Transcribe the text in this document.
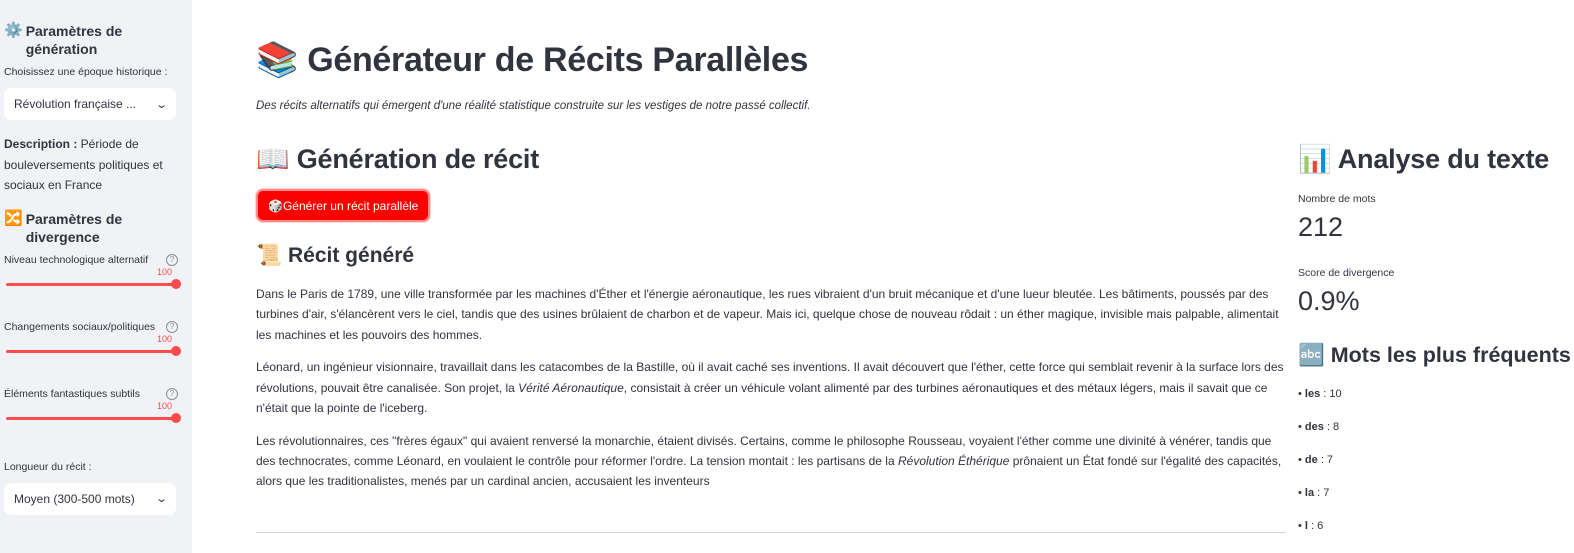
⚙️ Paramètres de génération
Choisissez une époque historique :
Révolution française ... ⌄
Description : Période de bouleversements politiques et sociaux en France
🔀 Paramètres de divergence
Niveau technologique alternatif	?
100
Changements sociaux/politiques	?
100
Éléments fantastiques subtils	?
100
Longueur du récit :
Moyen (300-500 mots) ⌄
📚 Générateur de Récits Parallèles
Des récits alternatifs qui émergent d'une réalité statistique construite sur les vestiges de notre passé collectif.
📖 Génération de récit
🎲 Générer un récit parallèle
📜 Récit généré

Dans le Paris de 1789, une ville transformée par les machines d'Éther et l'énergie aéronautique, les rues vibraient d'un bruit mécanique et d'une lueur bleutée. Les bâtiments, poussés par des turbines d'air, s'élancèrent vers le ciel, tandis que des usines brûlaient de charbon et de vapeur. Mais ici, quelque chose de nouveau rôdait : un éther magique, invisible mais palpable, alimentait les machines et les pouvoirs des hommes.

Léonard, un ingénieur visionnaire, travaillait dans les catacombes de la Bastille, où il avait caché ses inventions. Il avait découvert que l'éther, cette force qui semblait revenir à la surface lors des révolutions, pouvait être canalisée. Son projet, la Vérité Aéronautique, consistait à créer un véhicule volant alimenté par des turbines aéronautiques et des métaux légers, mais il savait que ce n'était que la pointe de l'iceberg.

Les révolutionnaires, ces "frères égaux" qui avaient renversé la monarchie, étaient divisés. Certains, comme le philosophe Rousseau, voyaient l'éther comme une divinité à vénérer, tandis que des technocrates, comme Léonard, en voulaient le contrôle pour réformer l'ordre. La tension montait : les partisans de la Révolution Éthérique prônaient un État fondé sur l'égalité des capacités, alors que les traditionalistes, menés par un cardinal ancien, accusaient les inventeurs

📊 Analyse du texte
Nombre de mots
212
Score de divergence
0.9%
🔤 Mots les plus fréquents
• les : 10
• des : 8
• de : 7
• la : 7
• l : 6
